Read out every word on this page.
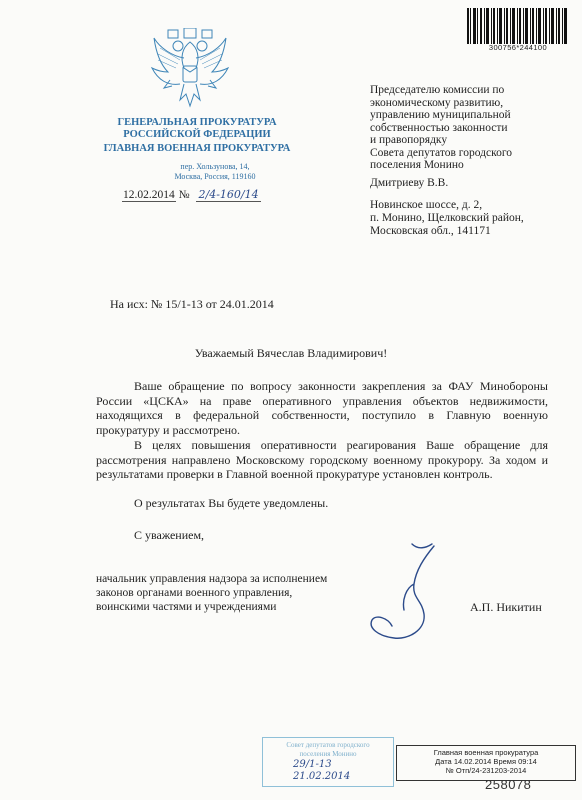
ГЕНЕРАЛЬНАЯ ПРОКУРАТУРА
РОССИЙСКОЙ ФЕДЕРАЦИИ
ГЛАВНАЯ ВОЕННАЯ ПРОКУРАТУРА
пер. Хользунова, 14,
Москва, Россия, 119160
12.02.2014 № 2/4-160/14
300756*244100
Председателю комиссии по
экономическому развитию,
управлению муниципальной
собственностью законности
и правопорядку
Совета депутатов городского
поселения Монино
Дмитриеву В.В.
Новинское шоссе, д. 2,
п. Монино, Щелковский район,
Московская обл., 141171
На исх: № 15/1-13 от 24.01.2014
Уважаемый Вячеслав Владимирович!
Ваше обращение по вопросу законности закрепления за ФАУ Минобороны России «ЦСКА» на праве оперативного управления объектов недвижимости, находящихся в федеральной собственности, поступило в Главную военную прокуратуру и рассмотрено.
В целях повышения оперативности реагирования Ваше обращение для рассмотрения направлено Московскому городскому военному прокурору. За ходом и результатами проверки в Главной военной прокуратуре установлен контроль.
О результатах Вы будете уведомлены.
С уважением,
начальник управления надзора за исполнением
законов органами военного управления,
воинскими частями и учреждениями	А.П. Никитин
Совет депутатов городского
поселения Монино
29/1-13
21.02.2014
Главная военная прокуратура
Дата 14.02.2014 Время 09:14
№ Отп/24-231203-2014
258078
